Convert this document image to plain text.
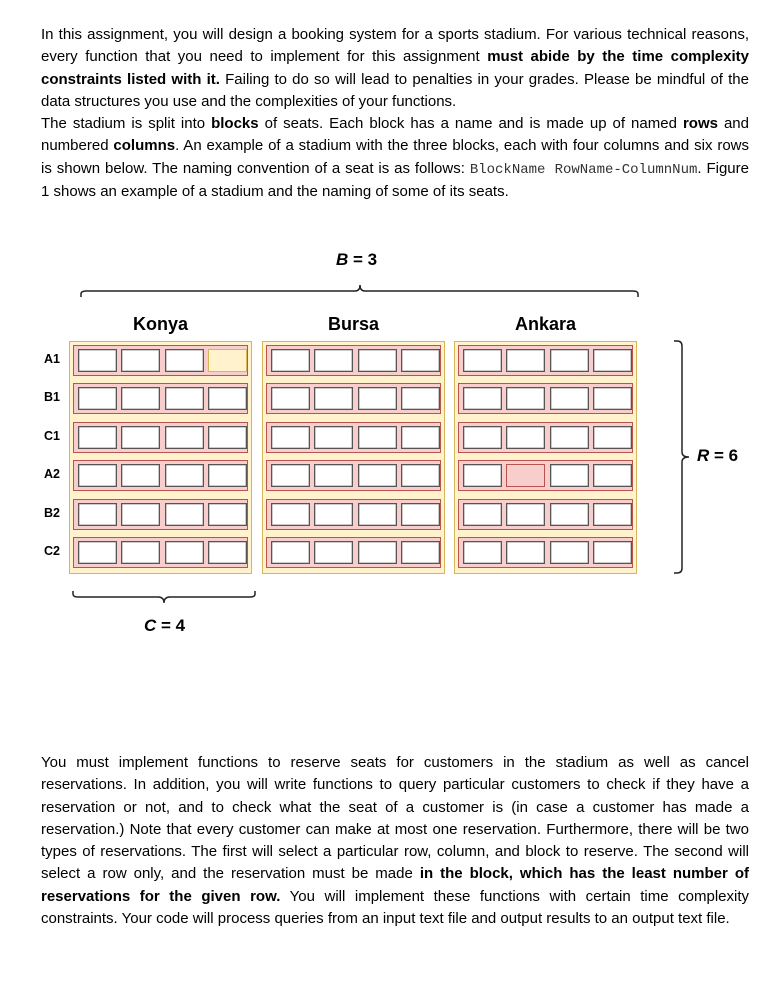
In this assignment, you will design a booking system for a sports stadium. For various technical reasons, every function that you need to implement for this assignment must abide by the time complexity constraints listed with it. Failing to do so will lead to penalties in your grades. Please be mindful of the data structures you use and the complexities of your functions.

The stadium is split into blocks of seats. Each block has a name and is made up of named rows and numbered columns. An example of a stadium with the three blocks, each with four columns and six rows is shown below. The naming convention of a seat is as follows: BlockName RowName-ColumnNum. Figure 1 shows an example of a stadium and the naming of some of its seats.

B = 3
Konya	Bursa	Ankara
A1
B1
C1
A2
B2
C2
R = 6
C = 4

You must implement functions to reserve seats for customers in the stadium as well as cancel reservations. In addition, you will write functions to query particular customers to check if they have a reservation or not, and to check what the seat of a customer is (in case a customer has made a reservation.) Note that every customer can make at most one reservation. Furthermore, there will be two types of reservations. The first will select a particular row, column, and block to reserve. The second will select a row only, and the reservation must be made in the block, which has the least number of reservations for the given row. You will implement these functions with certain time complexity constraints. Your code will process queries from an input text file and output results to an output text file.
